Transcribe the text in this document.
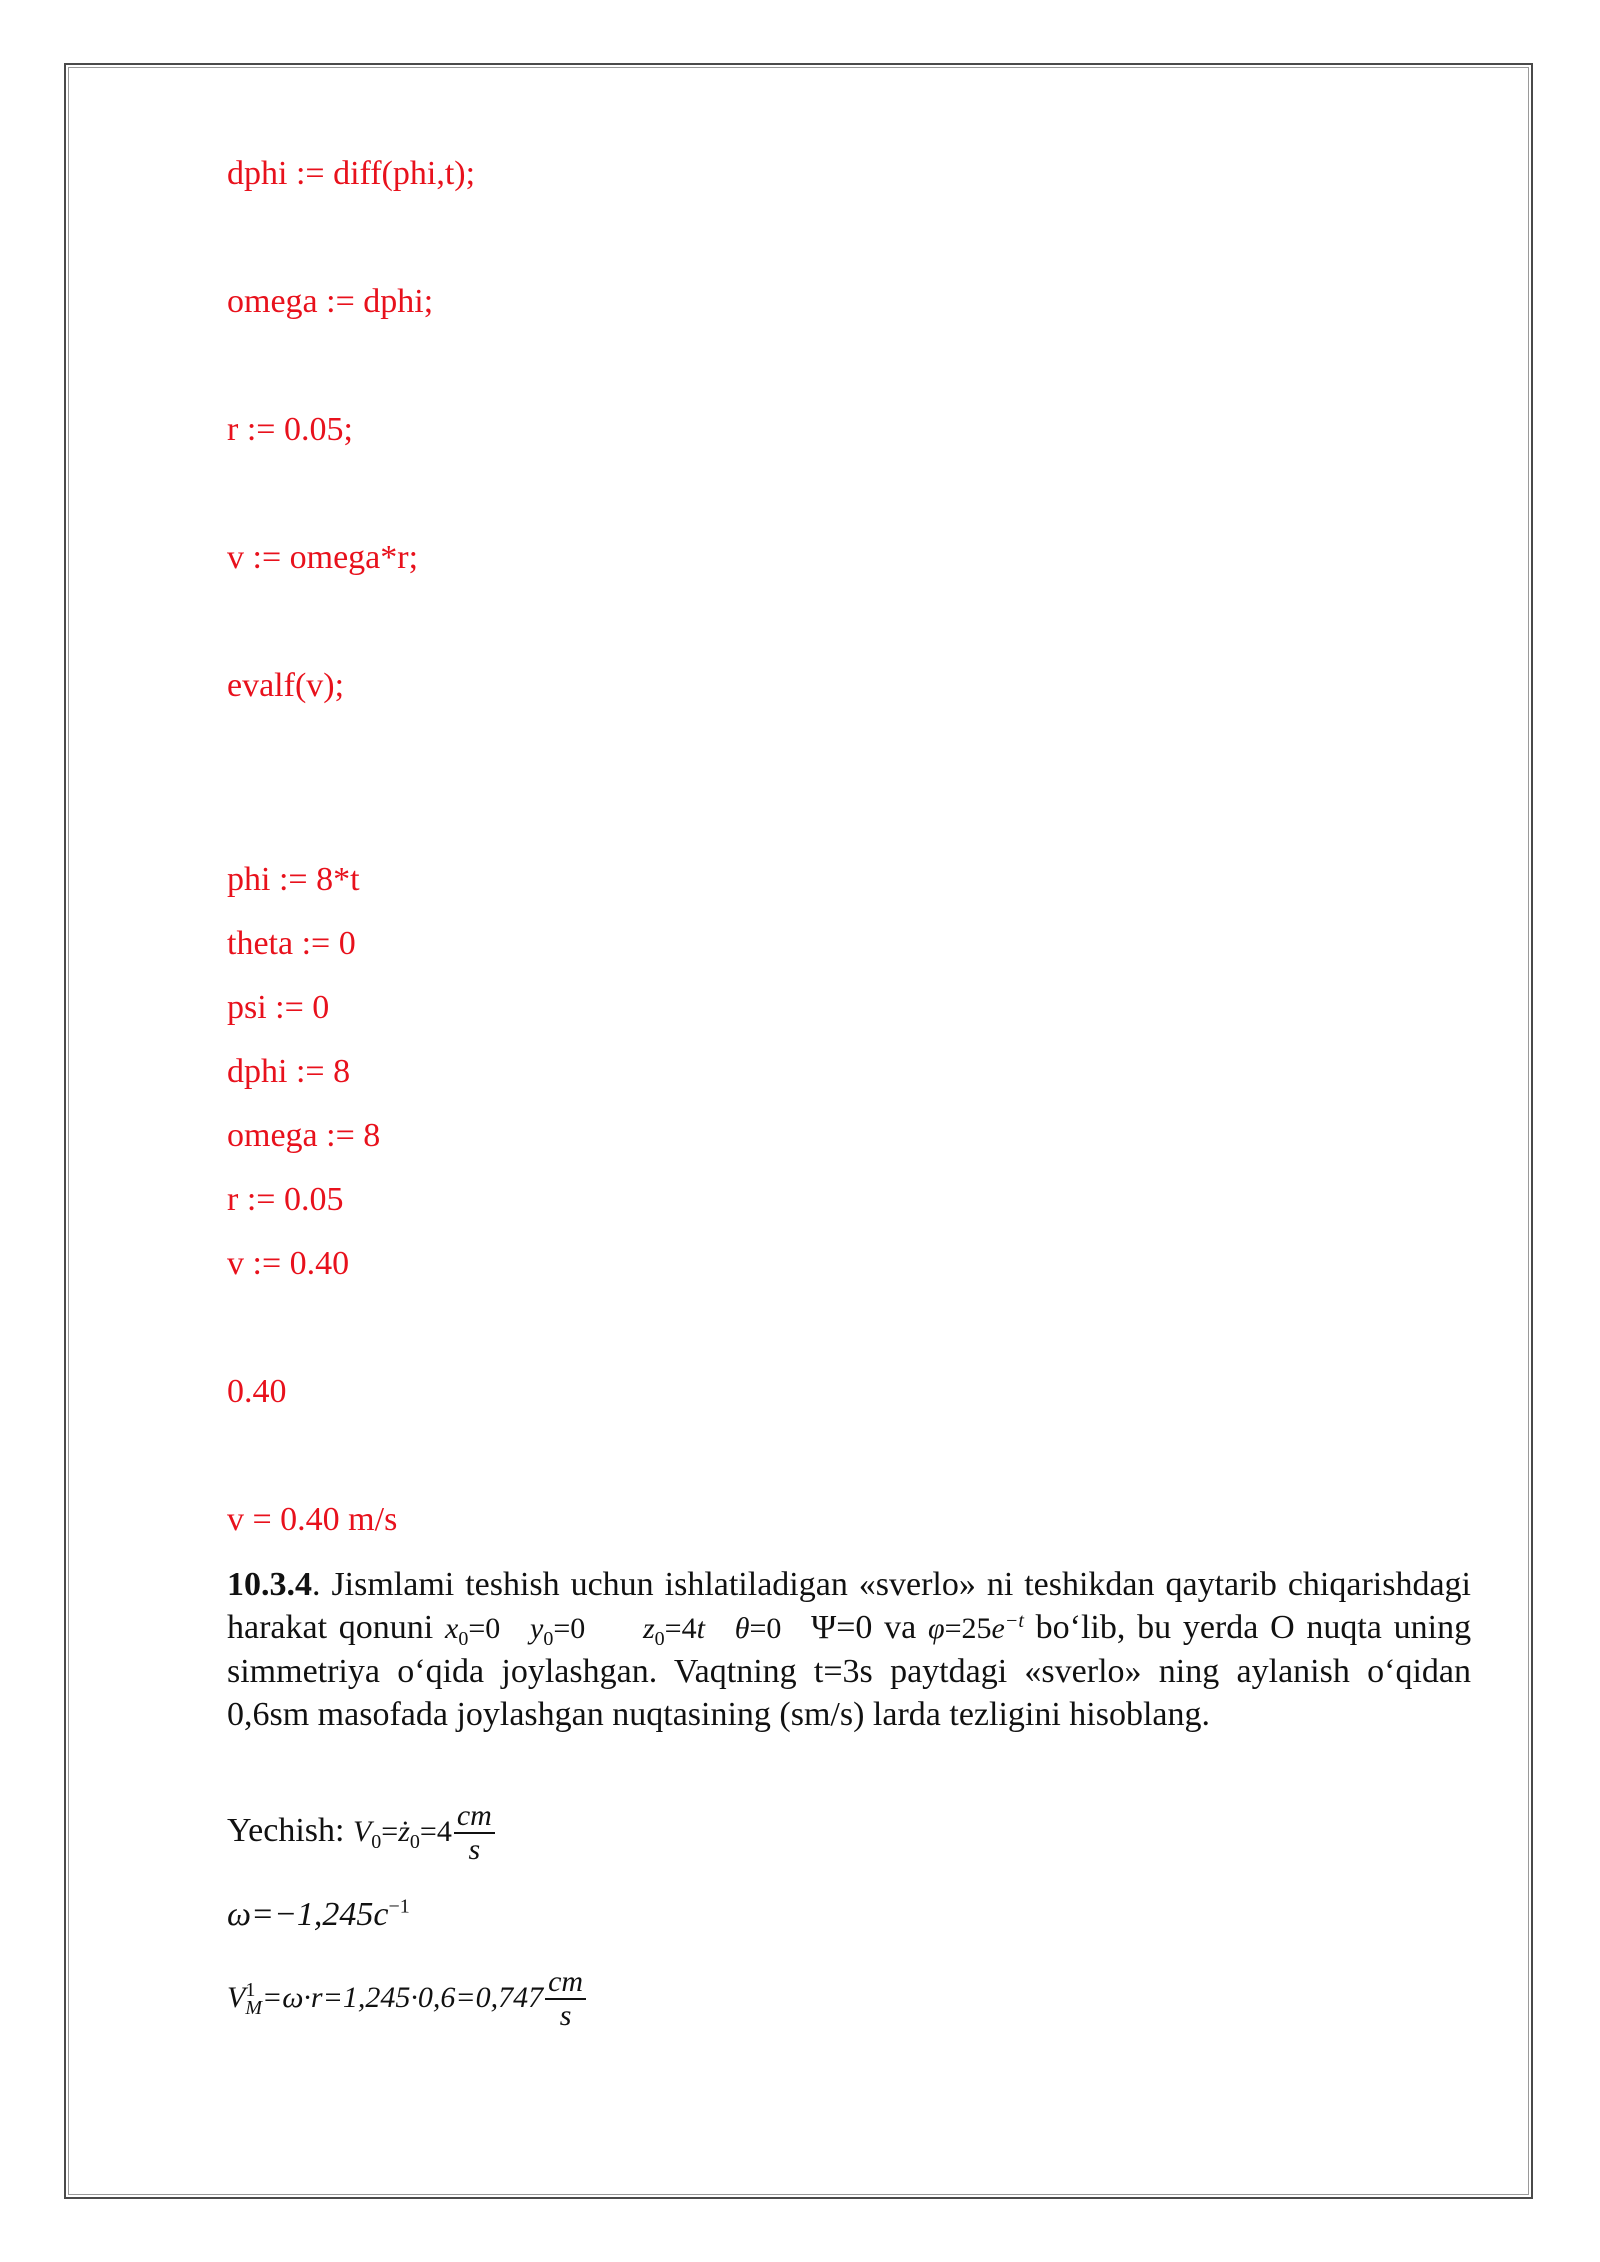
dphi := diff(phi,t);
omega := dphi;
r := 0.05;
v := omega*r;
evalf(v);
phi := 8*t
theta := 0
psi := 0
dphi := 8
omega := 8
r := 0.05
v := 0.40
0.40
v = 0.40 m/s
10.3.4. Jismlami teshish uchun ishlatiladigan «sverlo» ni teshikdan qaytarib chiqarishdagi harakat qonuni $x_0=0$ $y_0=0$ $z_0=4t$ θ=0 Ψ=0 va $\varphi=25e^{-t}$ bo‘lib, bu yerda O nuqta uning simmetriya o‘qida joylashgan. Vaqtning t=3s paytdagi «sverlo» ning aylanish o‘qidan 0,6sm masofada joylashgan nuqtasining (sm/s) larda tezligini hisoblang.
Yechish: $V_0=ż_0=4 \frac{cm}{s}$
$\omega=-1,245c^{-1}$
$V^1_M=\omega\cdot r=1,245\cdot 0,6=0,747 \frac{cm}{s}$
